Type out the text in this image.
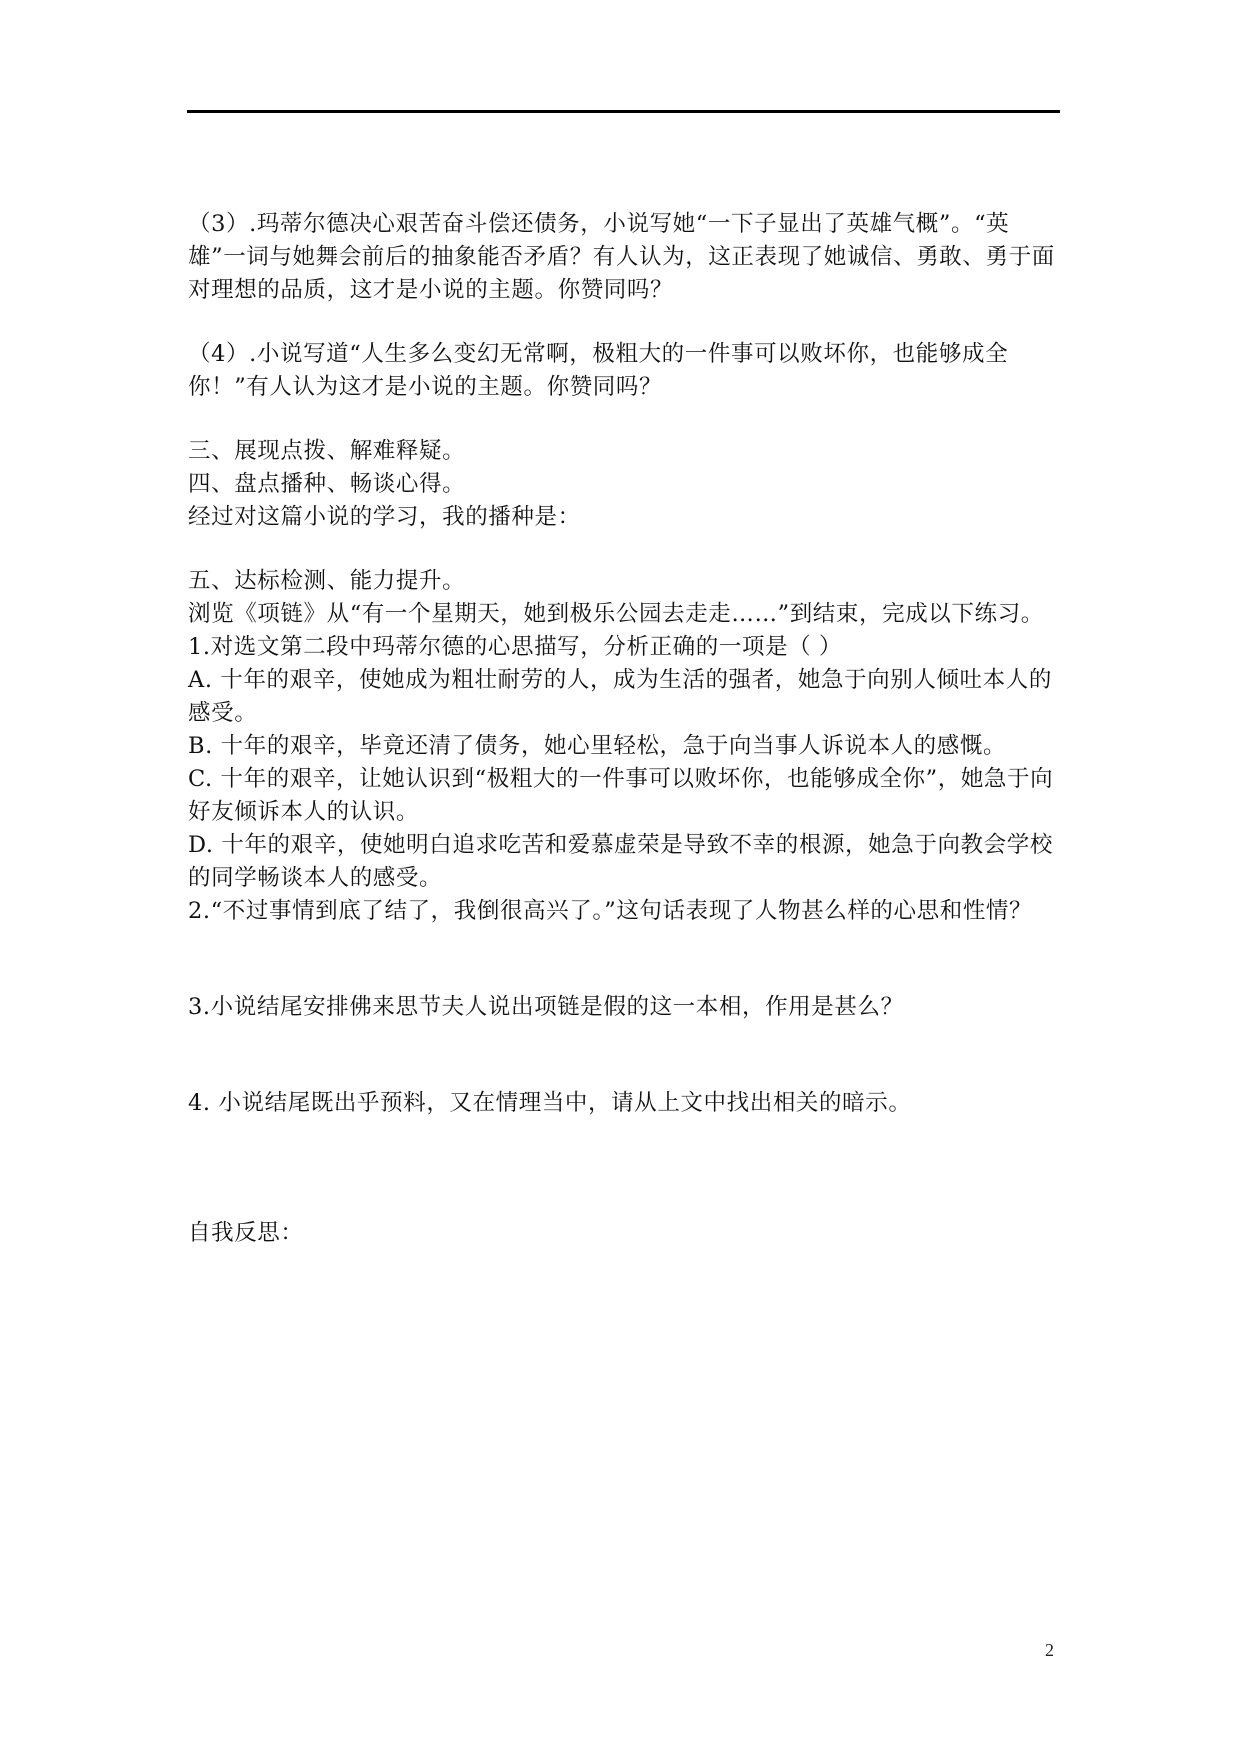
（3）.玛蒂尔德决心艰苦奋斗偿还债务，小说写她“一下子显出了英雄气概”。“英雄”一词与她舞会前后的抽象能否矛盾？有人认为，这正表现了她诚信、勇敢、勇于面对理想的品质，这才是小说的主题。你赞同吗？

（4）.小说写道“人生多么变幻无常啊，极粗大的一件事可以败坏你，也能够成全你！”有人认为这才是小说的主题。你赞同吗？

三、展现点拨、解难释疑。

四、盘点播种、畅谈心得。

经过对这篇小说的学习，我的播种是：

五、达标检测、能力提升。

浏览《项链》从“有一个星期天，她到极乐公园去走走……”到结束，完成以下练习。

1.对选文第二段中玛蒂尔德的心思描写，分析正确的一项是（ ）

A. 十年的艰辛，使她成为粗壮耐劳的人，成为生活的强者，她急于向别人倾吐本人的感受。

B. 十年的艰辛，毕竟还清了债务，她心里轻松，急于向当事人诉说本人的感慨。

C. 十年的艰辛，让她认识到“极粗大的一件事可以败坏你，也能够成全你”，她急于向好友倾诉本人的认识。

D. 十年的艰辛，使她明白追求吃苦和爱慕虚荣是导致不幸的根源，她急于向教会学校的同学畅谈本人的感受。

2.“不过事情到底了结了，我倒很高兴了。”这句话表现了人物甚么样的心思和性情？

3.小说结尾安排佛来思节夫人说出项链是假的这一本相，作用是甚么？

4. 小说结尾既出乎预料，又在情理当中，请从上文中找出相关的暗示。

自我反思：

2
